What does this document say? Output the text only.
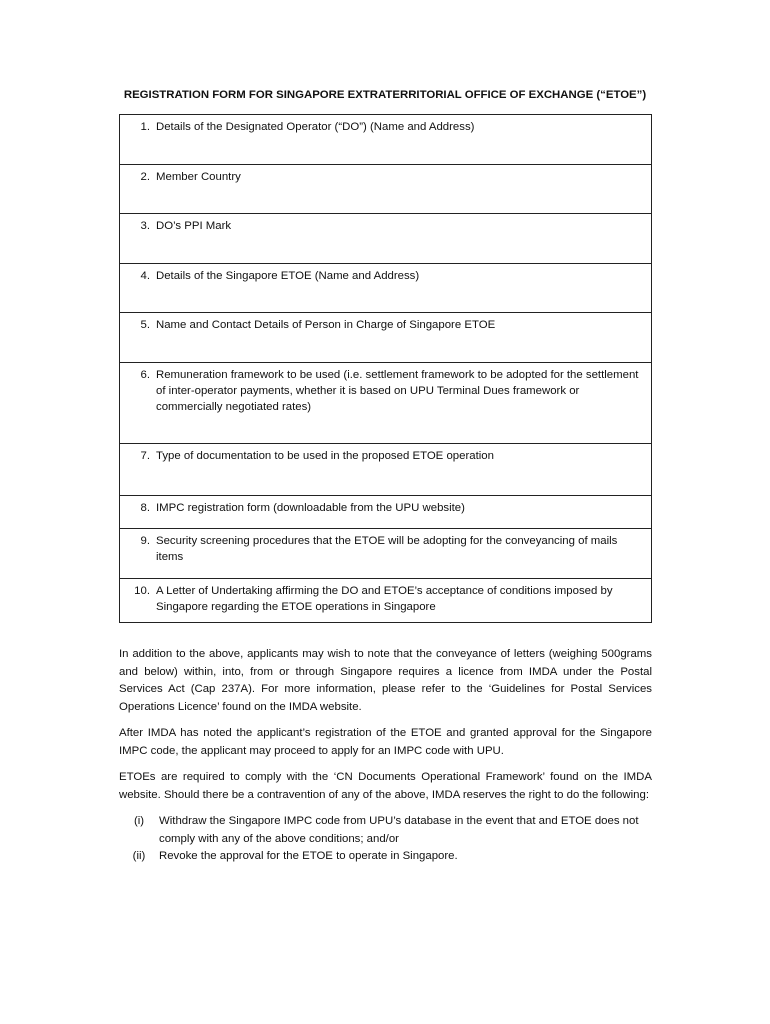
REGISTRATION FORM FOR SINGAPORE EXTRATERRITORIAL OFFICE OF EXCHANGE (“ETOE”)
1. Details of the Designated Operator (“DO”) (Name and Address)

2. Member Country

3. DO’s PPI Mark

4. Details of the Singapore ETOE (Name and Address)

5. Name and Contact Details of Person in Charge of Singapore ETOE

6. Remuneration framework to be used (i.e. settlement framework to be adopted for the settlement of inter-operator payments, whether it is based on UPU Terminal Dues framework or commercially negotiated rates)

7. Type of documentation to be used in the proposed ETOE operation

8. IMPC registration form (downloadable from the UPU website)

9. Security screening procedures that the ETOE will be adopting for the conveyancing of mails items

10. A Letter of Undertaking affirming the DO and ETOE’s acceptance of conditions imposed by Singapore regarding the ETOE operations in Singapore

In addition to the above, applicants may wish to note that the conveyance of letters (weighing 500grams and below) within, into, from or through Singapore requires a licence from IMDA under the Postal Services Act (Cap 237A). For more information, please refer to the ‘Guidelines for Postal Services Operations Licence’ found on the IMDA website.

After IMDA has noted the applicant’s registration of the ETOE and granted approval for the Singapore IMPC code, the applicant may proceed to apply for an IMPC code with UPU.

ETOEs are required to comply with the ‘CN Documents Operational Framework’ found on the IMDA website. Should there be a contravention of any of the above, IMDA reserves the right to do the following:

(i)	Withdraw the Singapore IMPC code from UPU’s database in the event that and ETOE does not comply with any of the above conditions; and/or
(ii)	Revoke the approval for the ETOE to operate in Singapore.
